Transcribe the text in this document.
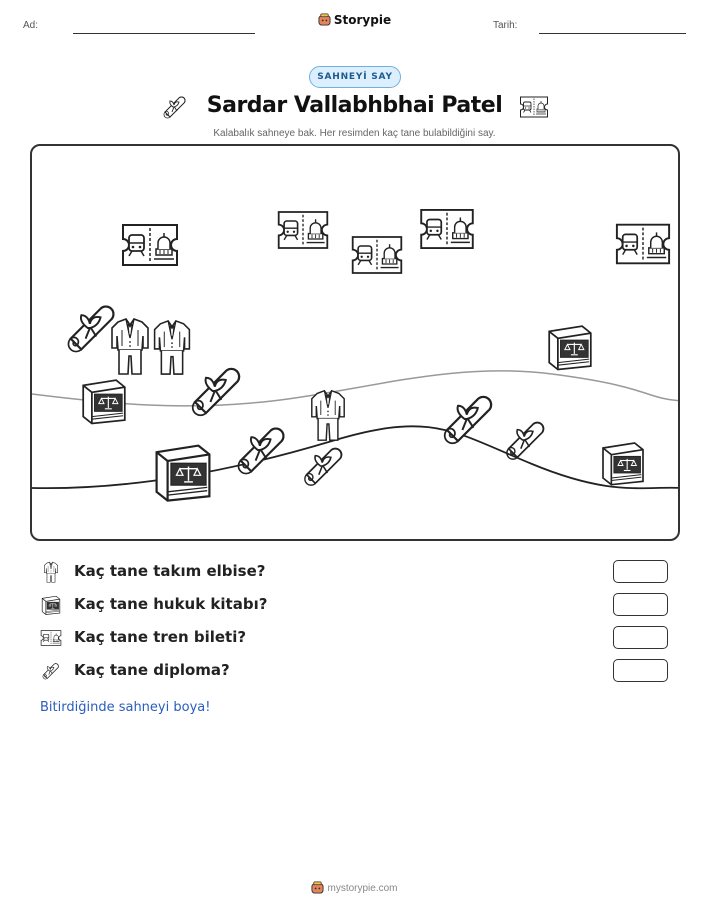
Ad:	Storypie	Tarih:
SAHNEYİ SAY
Sardar Vallabhbhai Patel
Kalabalık sahneye bak. Her resimden kaç tane bulabildiğini say.
Kaç tane takım elbise?
Kaç tane hukuk kitabı?
Kaç tane tren bileti?
Kaç tane diploma?
Bitirdiğinde sahneyi boya!
mystorypie.com
